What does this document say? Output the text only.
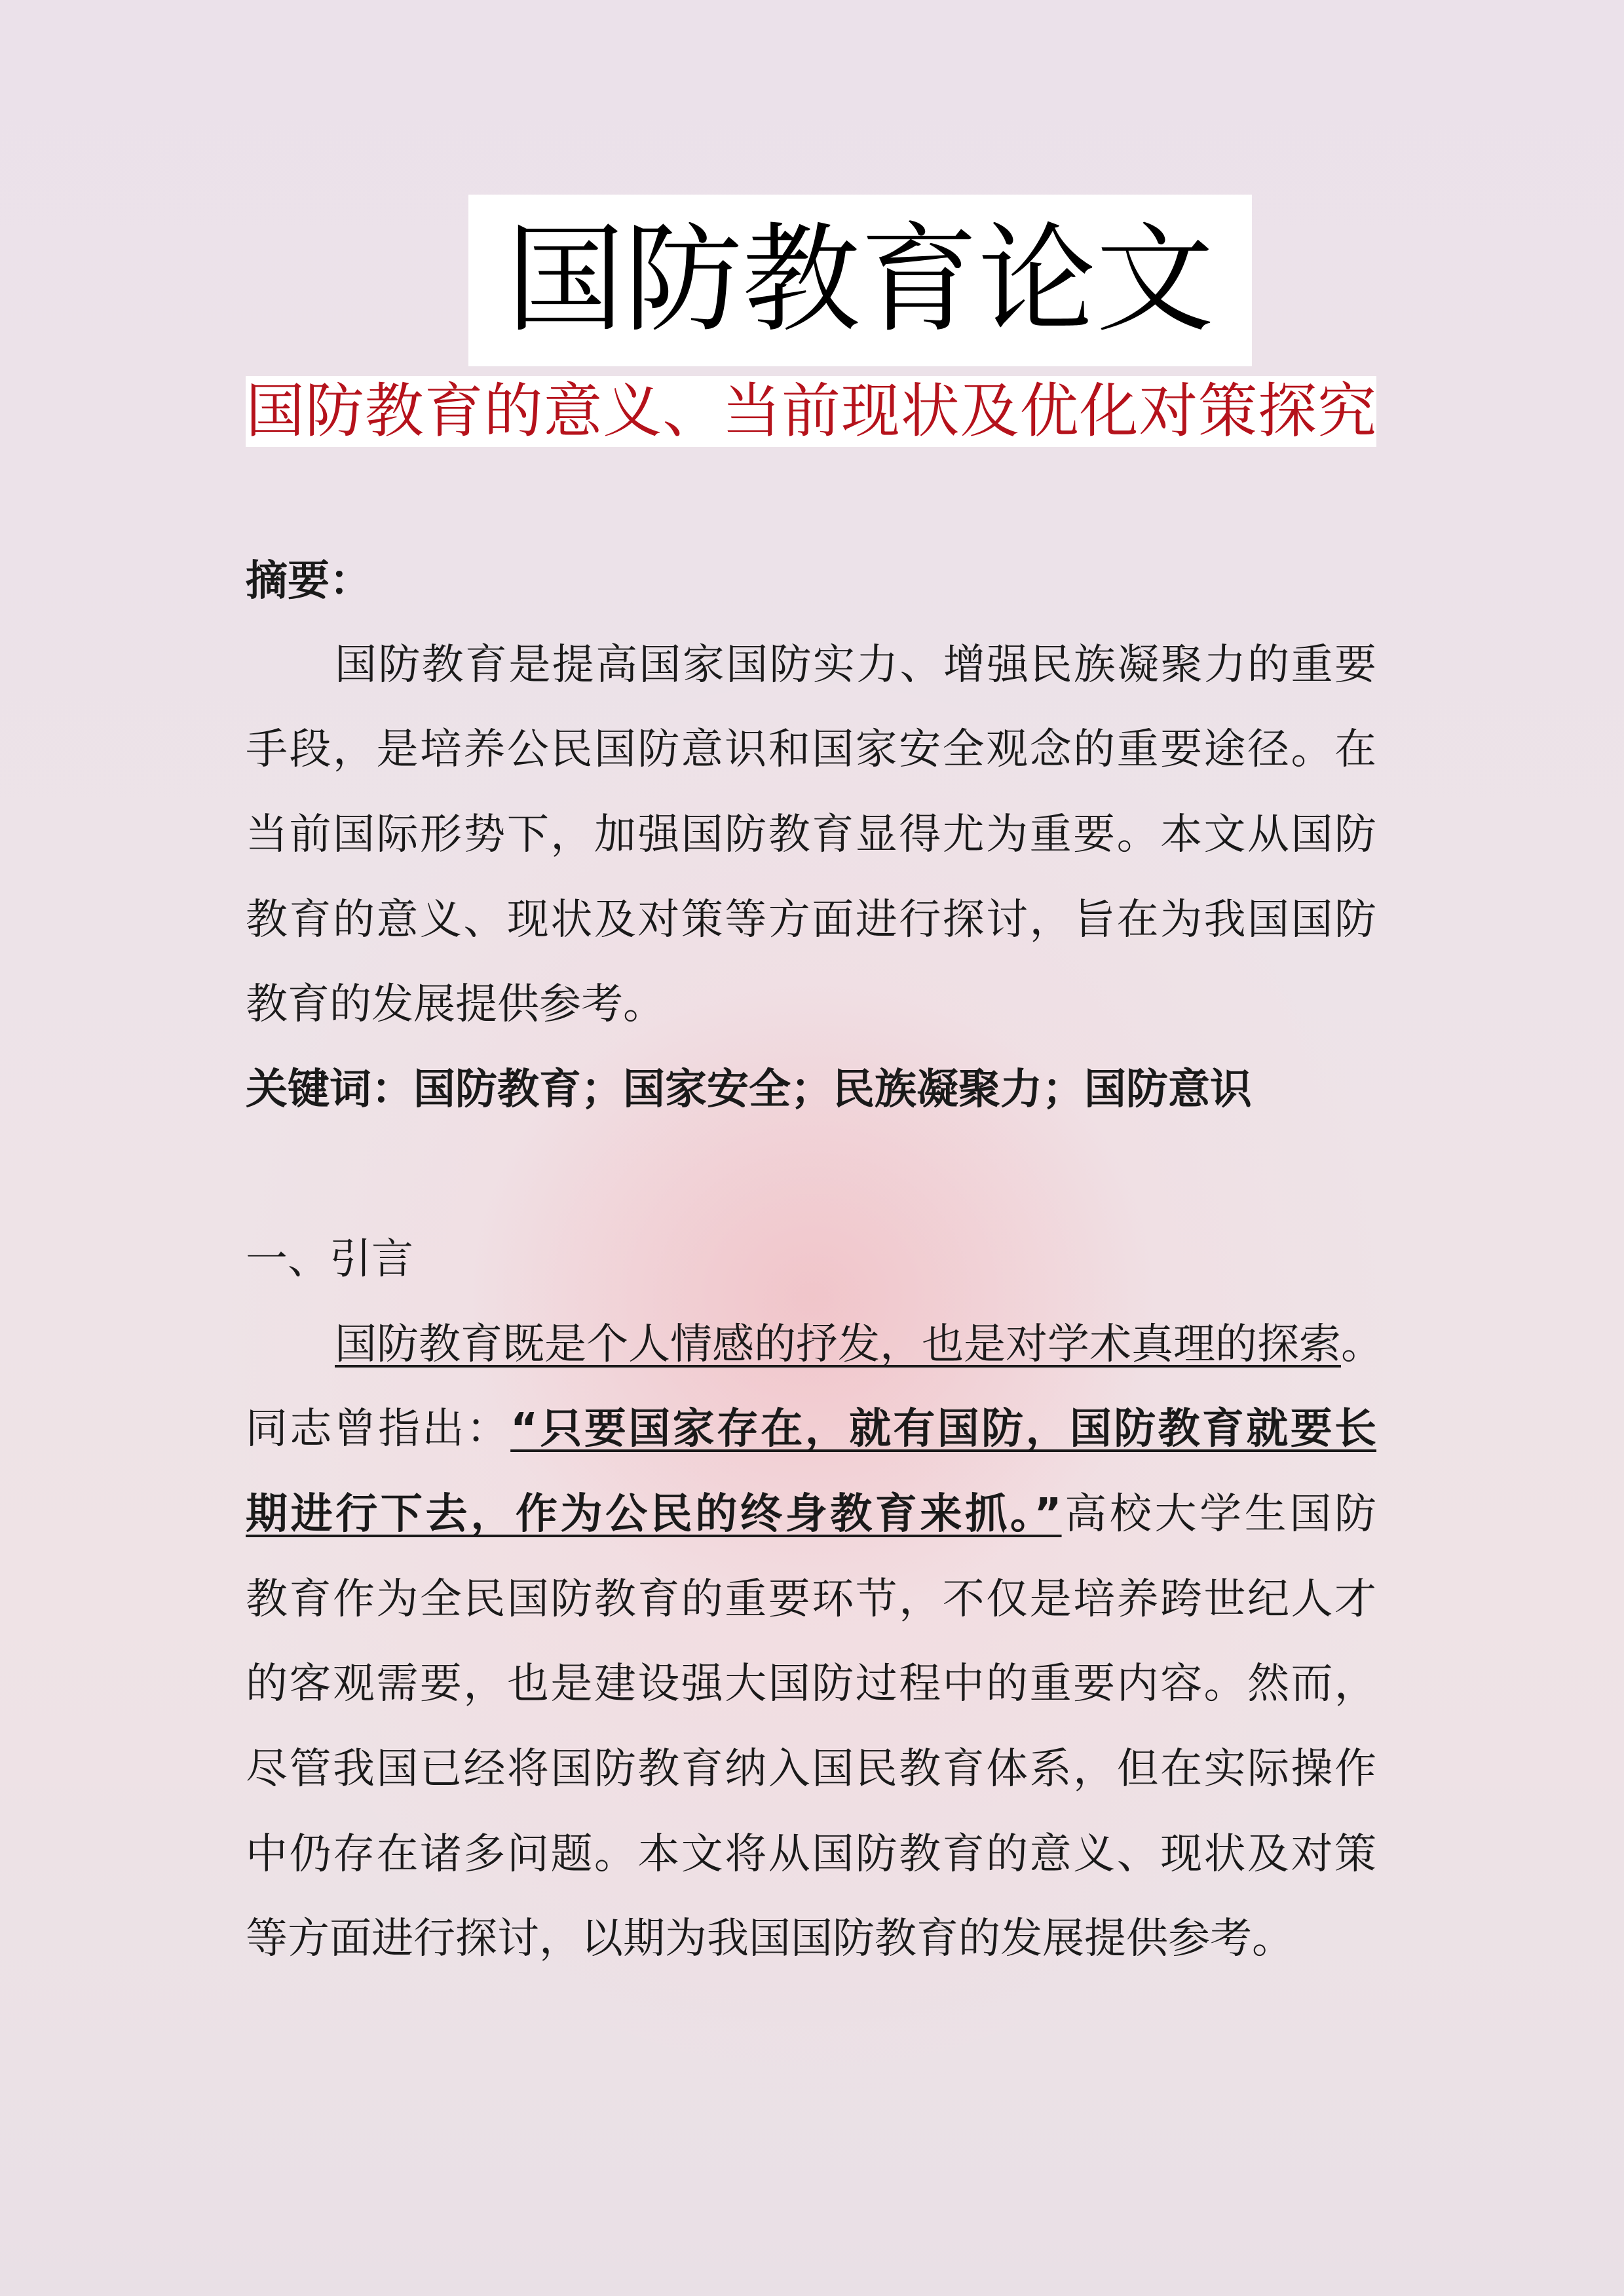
国防教育论文
国防教育的意义、当前现状及优化对策探究
摘要：
国防教育是提高国家国防实力、增强民族凝聚力的重要
手段，是培养公民国防意识和国家安全观念的重要途径。在
当前国际形势下，加强国防教育显得尤为重要。本文从国防
教育的意义、现状及对策等方面进行探讨，旨在为我国国防
教育的发展提供参考。
关键词：国防教育；国家安全；民族凝聚力；国防意识
一、引言
国防教育既是个人情感的抒发，也是对学术真理的探索。
同志曾指出：“只要国家存在，就有国防，国防教育就要长
期进行下去，作为公民的终身教育来抓。”高校大学生国防
教育作为全民国防教育的重要环节，不仅是培养跨世纪人才
的客观需要，也是建设强大国防过程中的重要内容。然而，
尽管我国已经将国防教育纳入国民教育体系，但在实际操作
中仍存在诸多问题。本文将从国防教育的意义、现状及对策
等方面进行探讨，以期为我国国防教育的发展提供参考。
